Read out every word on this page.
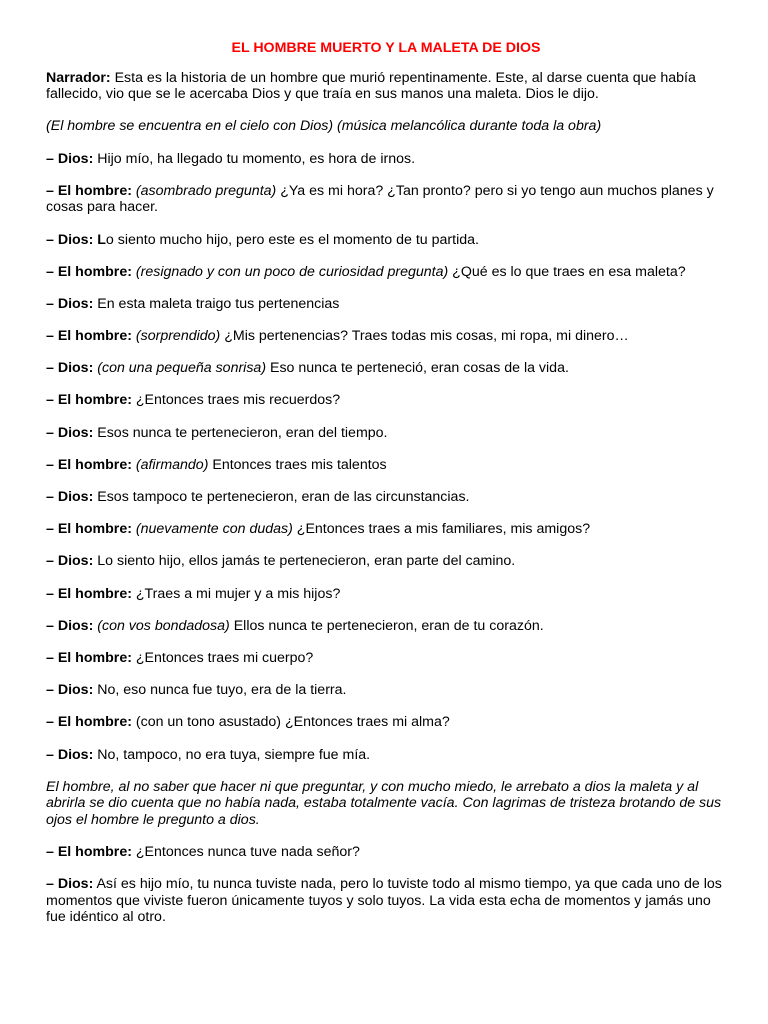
EL HOMBRE MUERTO Y LA MALETA DE DIOS

Narrador: Esta es la historia de un hombre que murió repentinamente. Este, al darse cuenta que había fallecido, vio que se le acercaba Dios y que traía en sus manos una maleta. Dios le dijo.

(El hombre se encuentra en el cielo con Dios) (música melancólica durante toda la obra)

– Dios: Hijo mío, ha llegado tu momento, es hora de irnos.

– El hombre: (asombrado pregunta) ¿Ya es mi hora? ¿Tan pronto? pero si yo tengo aun muchos planes y cosas para hacer.

– Dios: Lo siento mucho hijo, pero este es el momento de tu partida.

– El hombre: (resignado y con un poco de curiosidad pregunta) ¿Qué es lo que traes en esa maleta?

– Dios: En esta maleta traigo tus pertenencias

– El hombre: (sorprendido) ¿Mis pertenencias? Traes todas mis cosas, mi ropa, mi dinero…

– Dios: (con una pequeña sonrisa) Eso nunca te perteneció, eran cosas de la vida.

– El hombre: ¿Entonces traes mis recuerdos?

– Dios: Esos nunca te pertenecieron, eran del tiempo.

– El hombre: (afirmando) Entonces traes mis talentos

– Dios: Esos tampoco te pertenecieron, eran de las circunstancias.

– El hombre: (nuevamente con dudas) ¿Entonces traes a mis familiares, mis amigos?

– Dios: Lo siento hijo, ellos jamás te pertenecieron, eran parte del camino.

– El hombre: ¿Traes a mi mujer y a mis hijos?

– Dios: (con vos bondadosa) Ellos nunca te pertenecieron, eran de tu corazón.

– El hombre: ¿Entonces traes mi cuerpo?

– Dios: No, eso nunca fue tuyo, era de la tierra.

– El hombre: (con un tono asustado) ¿Entonces traes mi alma?

– Dios: No, tampoco, no era tuya, siempre fue mía.

El hombre, al no saber que hacer ni que preguntar, y con mucho miedo, le arrebato a dios la maleta y al abrirla se dio cuenta que no había nada, estaba totalmente vacía. Con lagrimas de tristeza brotando de sus ojos el hombre le pregunto a dios.

– El hombre: ¿Entonces nunca tuve nada señor?

– Dios: Así es hijo mío, tu nunca tuviste nada, pero lo tuviste todo al mismo tiempo, ya que cada uno de los momentos que viviste fueron únicamente tuyos y solo tuyos. La vida esta echa de momentos y jamás uno fue idéntico al otro.
